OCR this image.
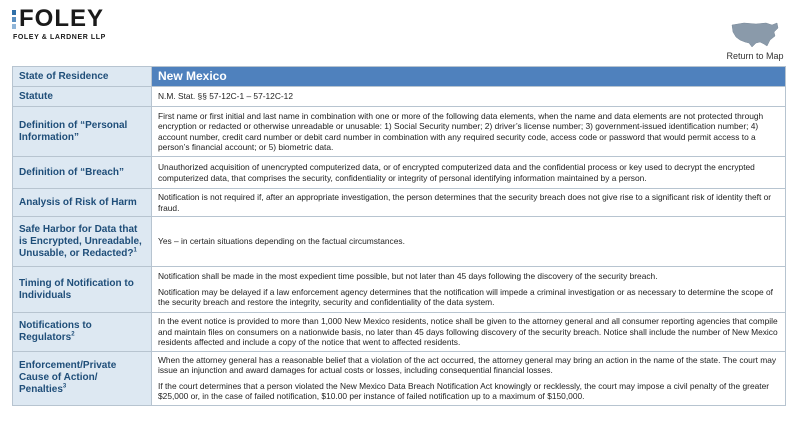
FOLEY
FOLEY & LARDNER LLP
Return to Map
State of Residence	New Mexico

Statute	N.M. Stat. §§ 57-12C-1 – 57-12C-12

Definition of “Personal Information”	First name or first initial and last name in combination with one or more of the following data elements, when the name and data elements are not protected through encryption or redacted or otherwise unreadable or unusable: 1) Social Security number; 2) driver’s license number; 3) government-issued identification number; 4) account number, credit card number or debit card number in combination with any required security code, access code or password that would permit access to a person’s financial account; or 5) biometric data.

Definition of “Breach”	Unauthorized acquisition of unencrypted computerized data, or of encrypted computerized data and the confidential process or key used to decrypt the encrypted computerized data, that comprises the security, confidentiality or integrity of personal identifying information maintained by a person.

Analysis of Risk of Harm	Notification is not required if, after an appropriate investigation, the person determines that the security breach does not give rise to a significant risk of identity theft or fraud.

Safe Harbor for Data that is Encrypted, Unreadable, Unusable, or Redacted?$^1$	Yes – in certain situations depending on the factual circumstances.

Timing of Notification to Individuals	Notification shall be made in the most expedient time possible, but not later than 45 days following the discovery of the security breach.

Notification may be delayed if a law enforcement agency determines that the notification will impede a criminal investigation or as necessary to determine the scope of the security breach and restore the integrity, security and confidentiality of the data system.

Notifications to Regulators$^2$	In the event notice is provided to more than 1,000 New Mexico residents, notice shall be given to the attorney general and all consumer reporting agencies that compile and maintain files on consumers on a nationwide basis, no later than 45 days following discovery of the security breach. Notice shall include the number of New Mexico residents affected and include a copy of the notice that went to affected residents.

Enforcement/Private Cause of Action/ Penalties$^3$	When the attorney general has a reasonable belief that a violation of the act occurred, the attorney general may bring an action in the name of the state. The court may issue an injunction and award damages for actual costs or losses, including consequential financial losses.

If the court determines that a person violated the New Mexico Data Breach Notification Act knowingly or recklessly, the court may impose a civil penalty of the greater $25,000 or, in the case of failed notification, $10.00 per instance of failed notification up to a maximum of $150,000.
